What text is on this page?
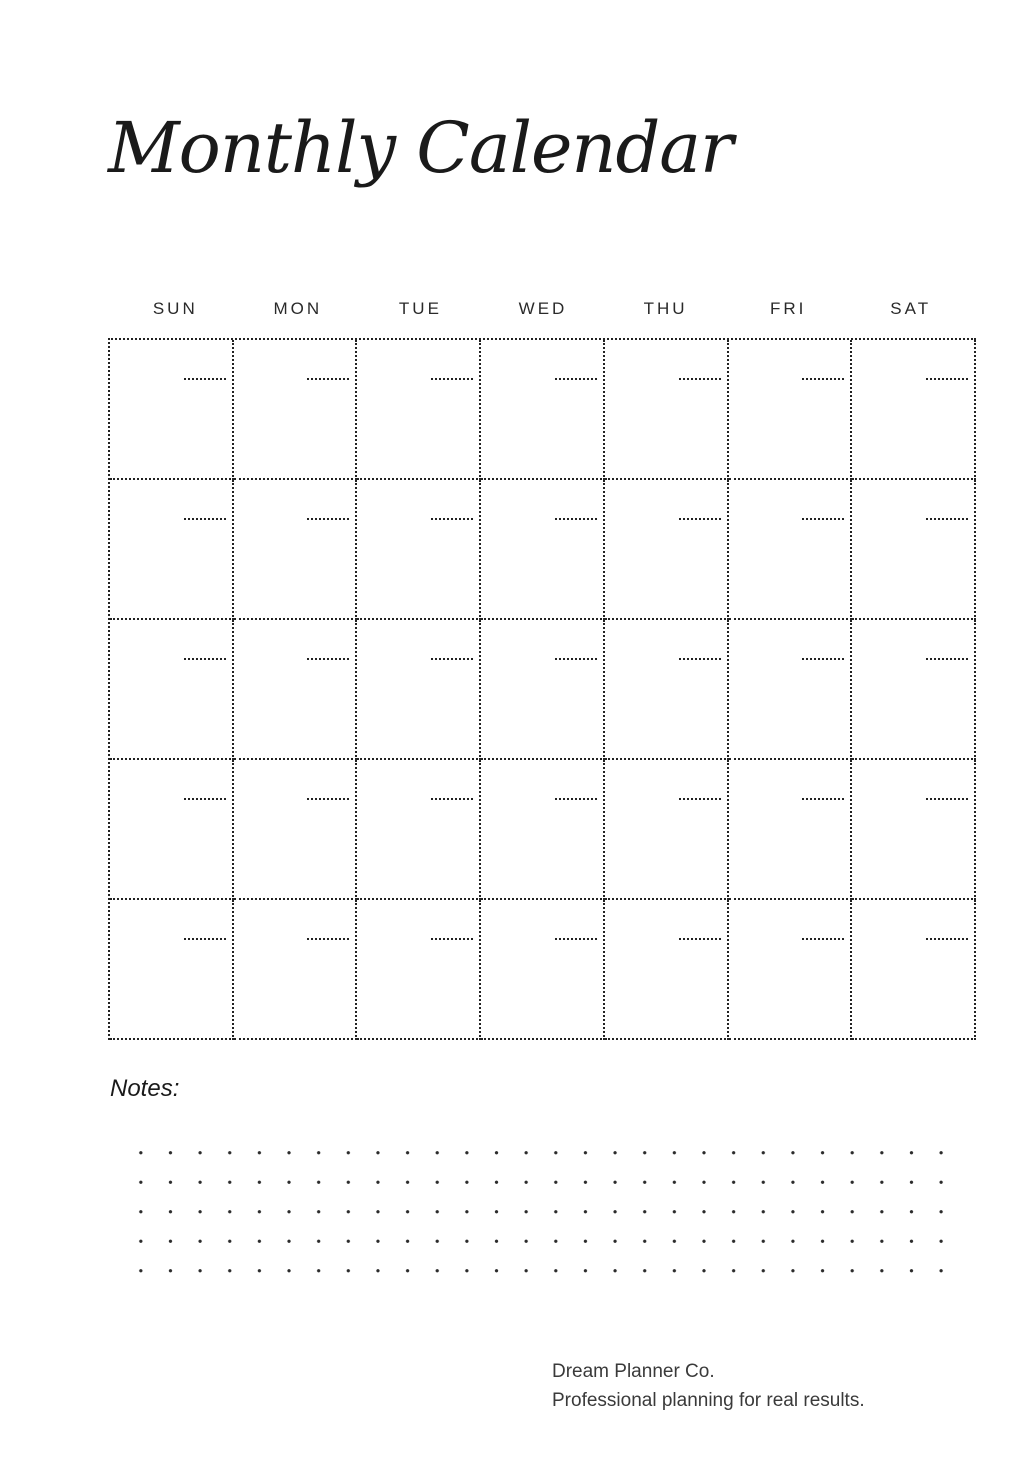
Monthly Calendar
SUN	MON	TUE	WED	THU	FRI	SAT
Notes:
Dream Planner Co.
Professional planning for real results.
